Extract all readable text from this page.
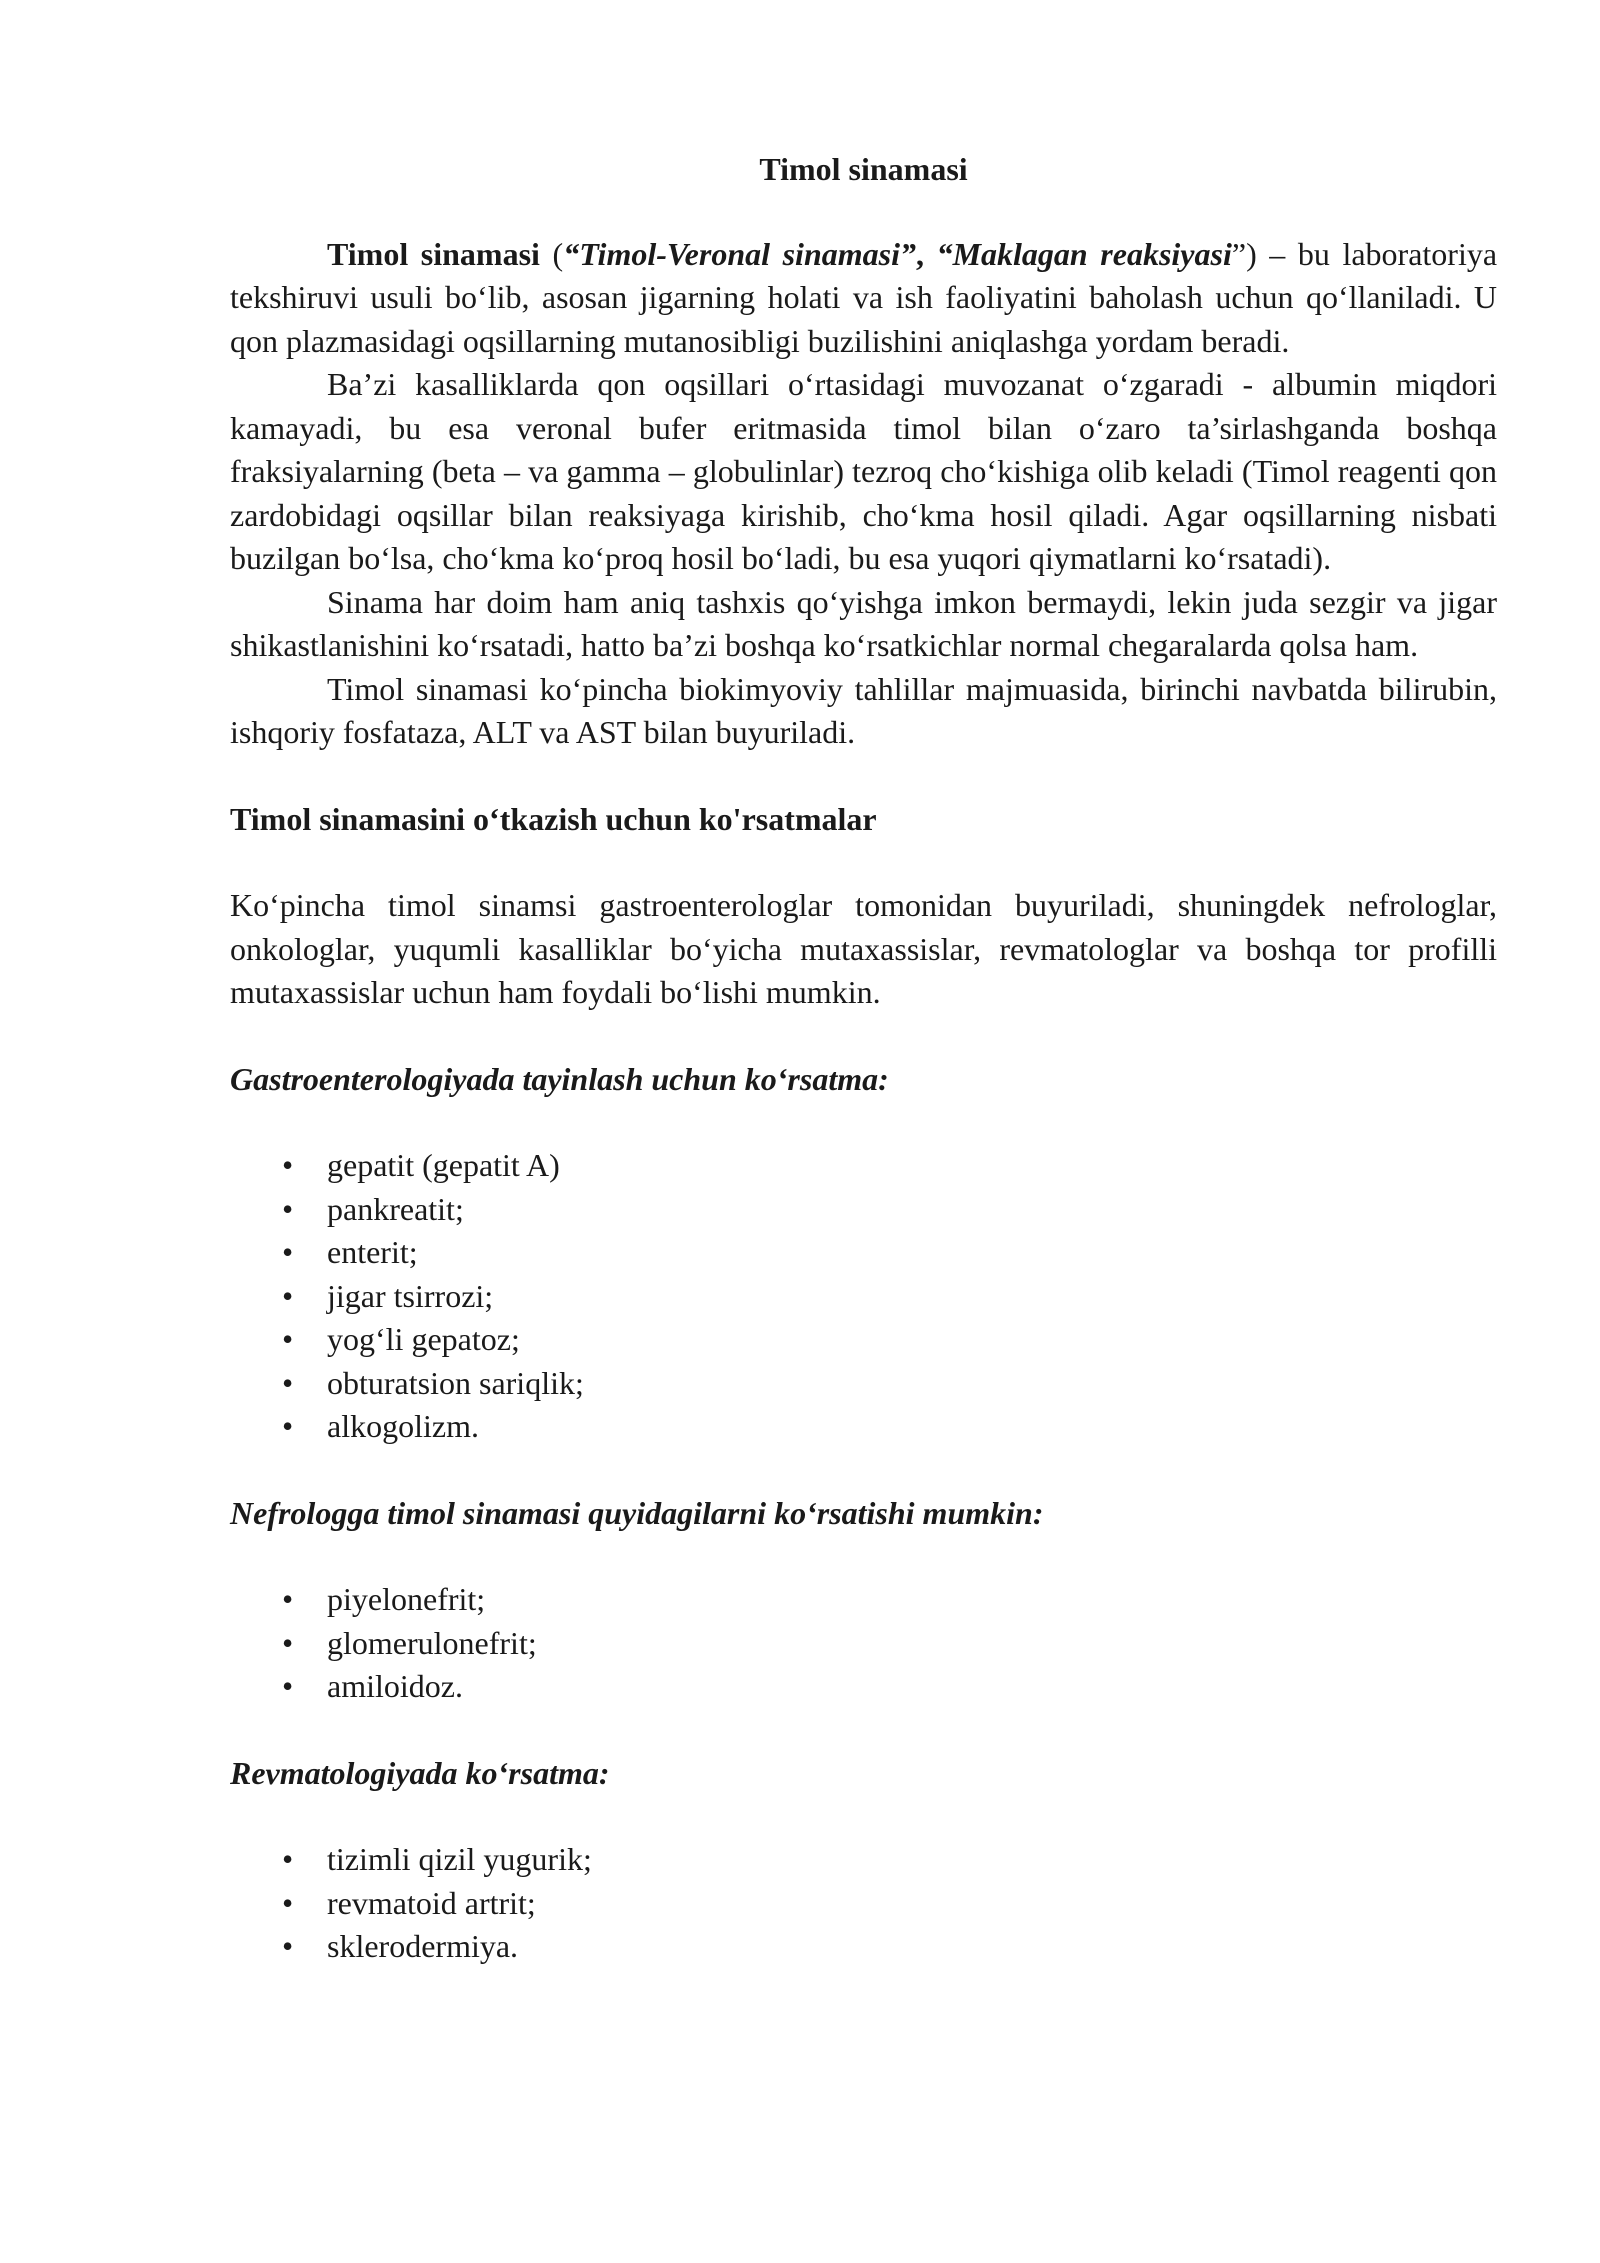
Timol sinamasi

Timol sinamasi (“Timol-Veronal sinamasi”, “Maklagan reaksiyasi”) – bu laboratoriya tekshiruvi usuli bo‘lib, asosan jigarning holati va ish faoliyatini baholash uchun qo‘llaniladi. U qon plazmasidagi oqsillarning mutanosibligi buzilishini aniqlashga yordam beradi.

Ba’zi kasalliklarda qon oqsillari o‘rtasidagi muvozanat o‘zgaradi - albumin miqdori kamayadi, bu esa veronal bufer eritmasida timol bilan o‘zaro ta’sirlashganda boshqa fraksiyalarning (beta – va gamma – globulinlar) tezroq cho‘kishiga olib keladi (Timol reagenti qon zardobidagi oqsillar bilan reaksiyaga kirishib, cho‘kma hosil qiladi. Agar oqsillarning nisbati buzilgan bo‘lsa, cho‘kma ko‘proq hosil bo‘ladi, bu esa yuqori qiymatlarni ko‘rsatadi).

Sinama har doim ham aniq tashxis qo‘yishga imkon bermaydi, lekin juda sezgir va jigar shikastlanishini ko‘rsatadi, hatto ba’zi boshqa ko‘rsatkichlar normal chegaralarda qolsa ham.

Timol sinamasi ko‘pincha biokimyoviy tahlillar majmuasida, birinchi navbatda bilirubin, ishqoriy fosfataza, ALT va AST bilan buyuriladi.

Timol sinamasini o‘tkazish uchun ko'rsatmalar

Ko‘pincha timol sinamsi gastroenterologlar tomonidan buyuriladi, shuningdek nefrologlar, onkologlar, yuqumli kasalliklar bo‘yicha mutaxassislar, revmatologlar va boshqa tor profilli mutaxassislar uchun ham foydali bo‘lishi mumkin.

Gastroenterologiyada tayinlash uchun ko‘rsatma:
• gepatit (gepatit A)
• pankreatit;
• enterit;
• jigar tsirrozi;
• yog‘li gepatoz;
• obturatsion sariqlik;
• alkogolizm.
Nefrologga timol sinamasi quyidagilarni ko‘rsatishi mumkin:
• piyelonefrit;
• glomerulonefrit;
• amiloidoz.
Revmatologiyada ko‘rsatma:
• tizimli qizil yugurik;
• revmatoid artrit;
• sklerodermiya.
